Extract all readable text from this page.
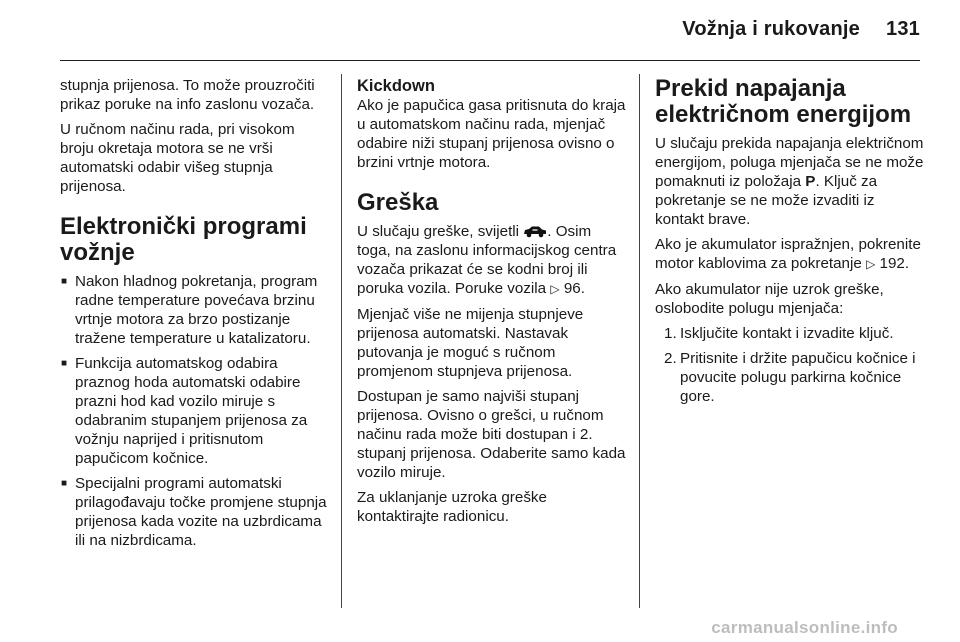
Vožnja i rukovanje 131

stupnja prijenosa. To može prouzročiti prikaz poruke na info zaslonu vozača.

U ručnom načinu rada, pri visokom broju okretaja motora se ne vrši automatski odabir višeg stupnja prijenosa.

Elektronički programi vožnje
■ Nakon hladnog pokretanja, program radne temperature povećava brzinu vrtnje motora za brzo postizanje tražene temperature u katalizatoru.
■ Funkcija automatskog odabira praznog hoda automatski odabire prazni hod kad vozilo miruje s odabranim stupanjem prijenosa za vožnju naprijed i pritisnutom papučicom kočnice.
■ Specijalni programi automatski prilagođavaju točke promjene stupnja prijenosa kada vozite na uzbrdicama ili na nizbrdicama.
Kickdown

Ako je papučica gasa pritisnuta do kraja u automatskom načinu rada, mjenjač odabire niži stupanj prijenosa ovisno o brzini vrtnje motora.

Greška

U slučaju greške, svijetli . Osim toga, na zaslonu informacijskog centra vozača prikazat će se kodni broj ili poruka vozila. Poruke vozila ▷ 96.

Mjenjač više ne mijenja stupnjeve prijenosa automatski. Nastavak putovanja je moguć s ručnom promjenom stupnjeva prijenosa.

Dostupan je samo najviši stupanj prijenosa. Ovisno o grešci, u ručnom načinu rada može biti dostupan i 2. stupanj prijenosa. Odaberite samo kada vozilo miruje.

Za uklanjanje uzroka greške kontaktirajte radionicu.

Prekid napajanja električnom energijom

U slučaju prekida napajanja električnom energijom, poluga mjenjača se ne može pomaknuti iz položaja P. Ključ za pokretanje se ne može izvaditi iz kontakt brave.

Ako je akumulator ispražnjen, pokrenite motor kablovima za pokretanje ▷ 192.

Ako akumulator nije uzrok greške, oslobodite polugu mjenjača:

1. Isključite kontakt i izvadite ključ.
2. Pritisnite i držite papučicu kočnice i povucite polugu parkirna kočnice gore.
carmanualsonline.info
